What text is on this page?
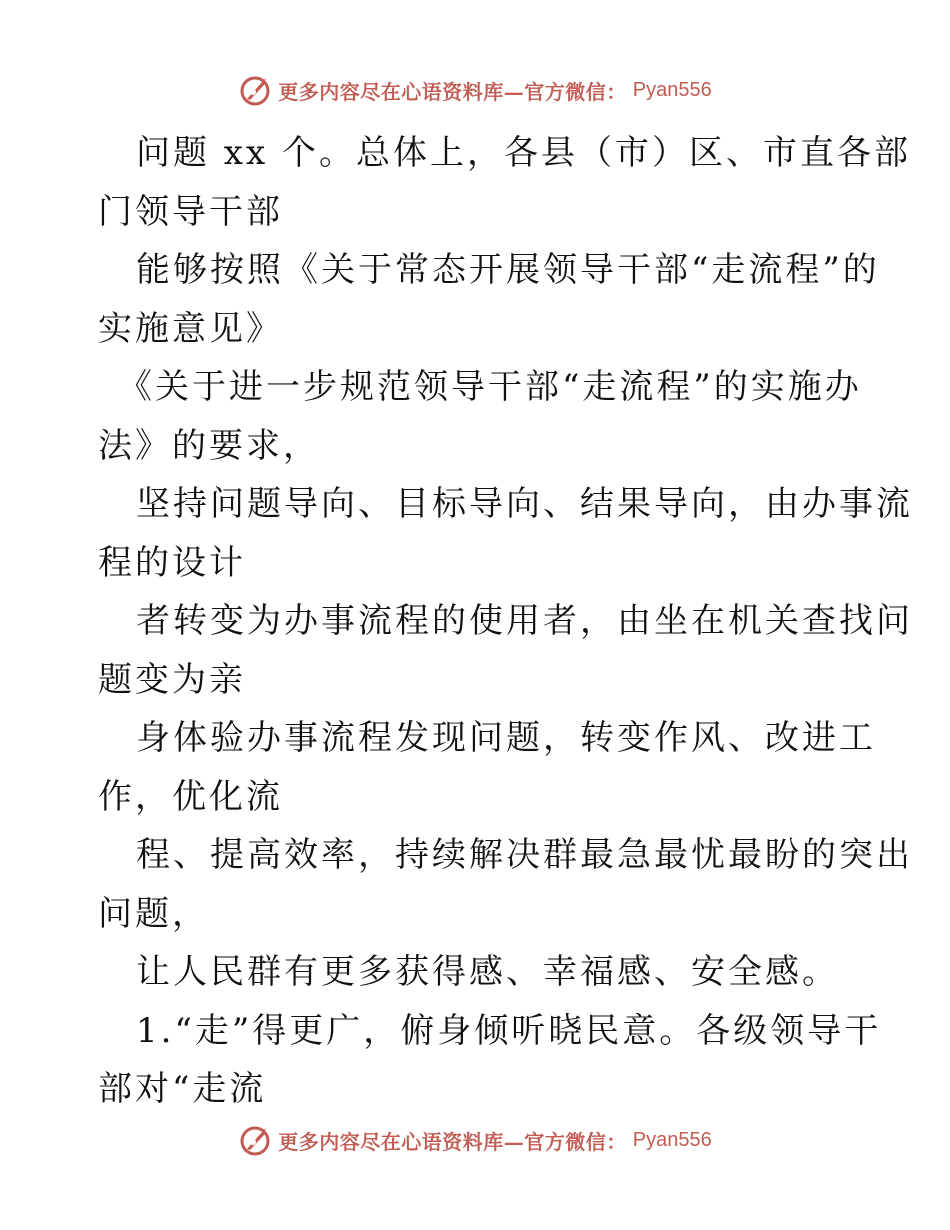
更多内容尽在心语资料库—官方微信： Pyan556
问题 xx 个。总体上，各县（市）区、市直各部
门领导干部
能够按照《关于常态开展领导干部“走流程”的
实施意见》
《关于进一步规范领导干部“走流程”的实施办
法》的要求，
坚持问题导向、目标导向、结果导向，由办事流
程的设计
者转变为办事流程的使用者，由坐在机关查找问
题变为亲
身体验办事流程发现问题，转变作风、改进工
作，优化流
程、提高效率，持续解决群最急最忧最盼的突出
问题，
让人民群有更多获得感、幸福感、安全感。
1.“走”得更广，俯身倾听晓民意。各级领导干
部对“走流
更多内容尽在心语资料库—官方微信： Pyan556
